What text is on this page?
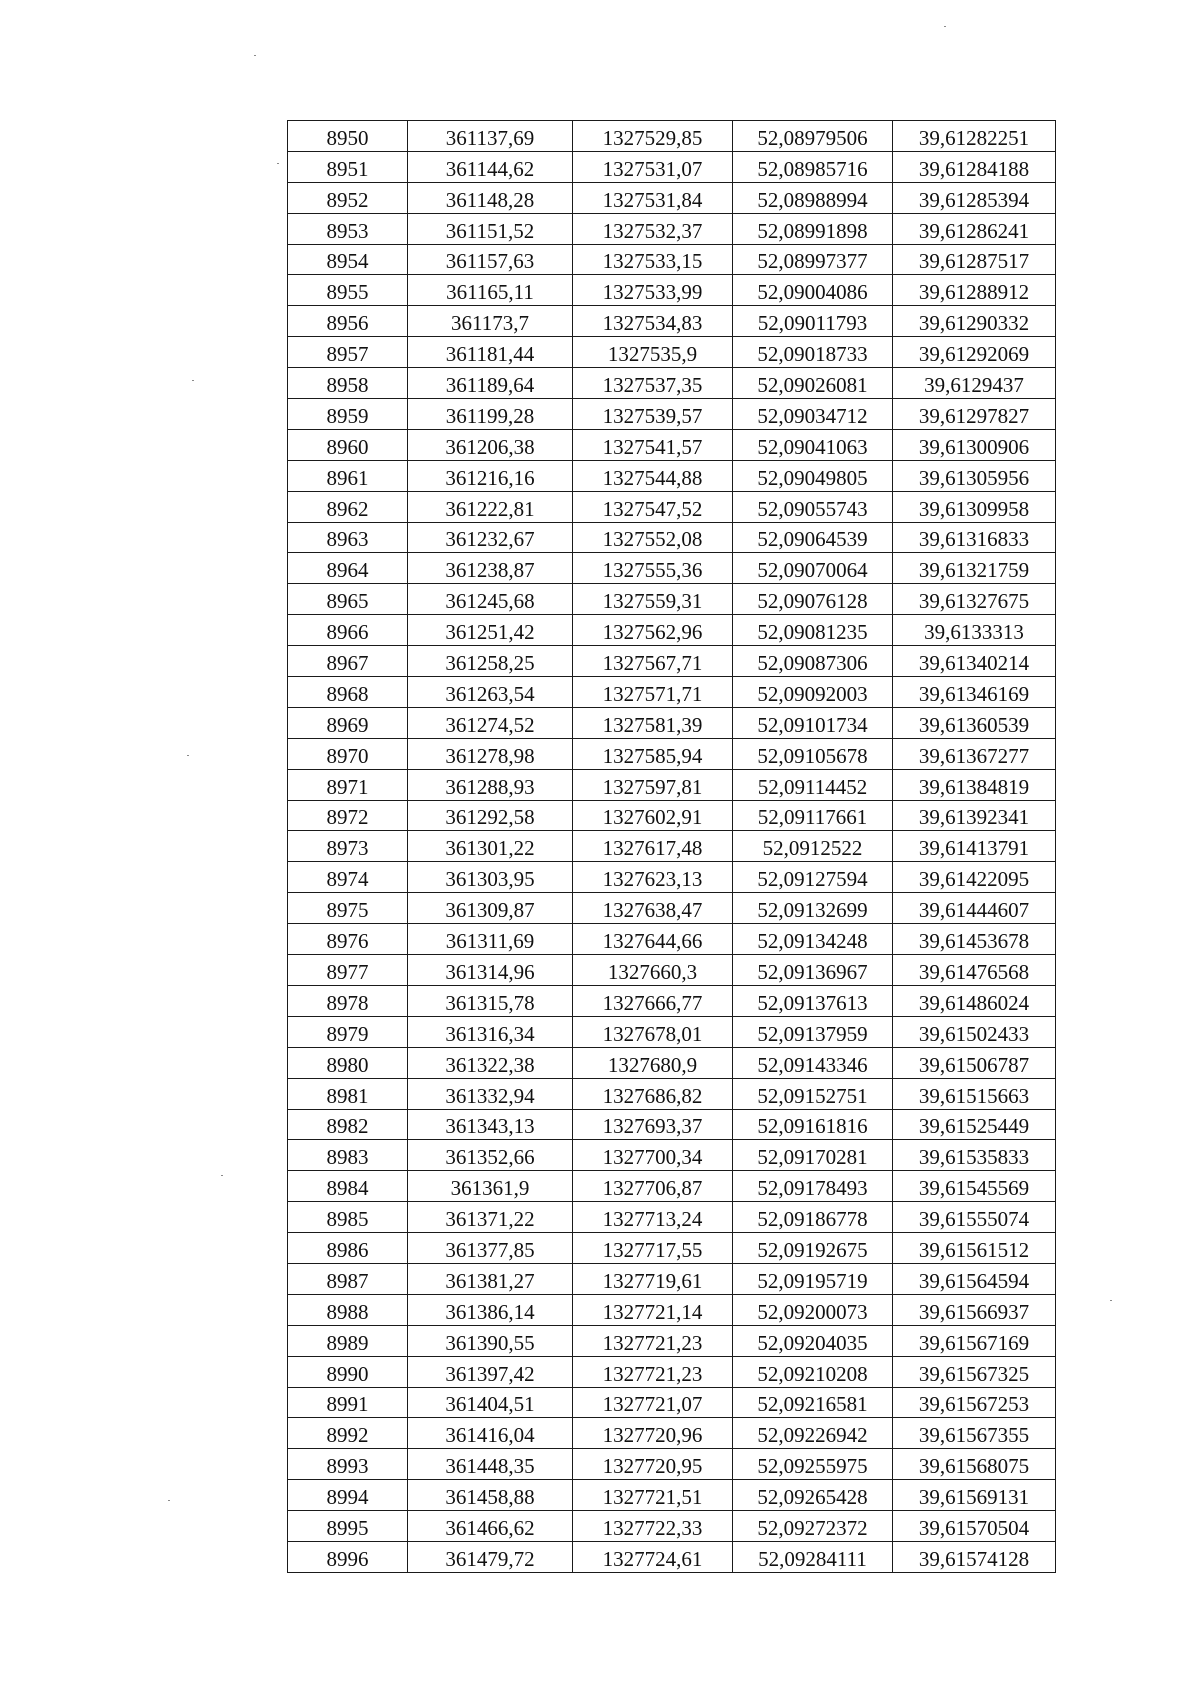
8950	361137,69	1327529,85	52,08979506	39,61282251
8951	361144,62	1327531,07	52,08985716	39,61284188
8952	361148,28	1327531,84	52,08988994	39,61285394
8953	361151,52	1327532,37	52,08991898	39,61286241
8954	361157,63	1327533,15	52,08997377	39,61287517
8955	361165,11	1327533,99	52,09004086	39,61288912
8956	361173,7	1327534,83	52,09011793	39,61290332
8957	361181,44	1327535,9	52,09018733	39,61292069
8958	361189,64	1327537,35	52,09026081	39,6129437
8959	361199,28	1327539,57	52,09034712	39,61297827
8960	361206,38	1327541,57	52,09041063	39,61300906
8961	361216,16	1327544,88	52,09049805	39,61305956
8962	361222,81	1327547,52	52,09055743	39,61309958
8963	361232,67	1327552,08	52,09064539	39,61316833
8964	361238,87	1327555,36	52,09070064	39,61321759
8965	361245,68	1327559,31	52,09076128	39,61327675
8966	361251,42	1327562,96	52,09081235	39,6133313
8967	361258,25	1327567,71	52,09087306	39,61340214
8968	361263,54	1327571,71	52,09092003	39,61346169
8969	361274,52	1327581,39	52,09101734	39,61360539
8970	361278,98	1327585,94	52,09105678	39,61367277
8971	361288,93	1327597,81	52,09114452	39,61384819
8972	361292,58	1327602,91	52,09117661	39,61392341
8973	361301,22	1327617,48	52,0912522	39,61413791
8974	361303,95	1327623,13	52,09127594	39,61422095
8975	361309,87	1327638,47	52,09132699	39,61444607
8976	361311,69	1327644,66	52,09134248	39,61453678
8977	361314,96	1327660,3	52,09136967	39,61476568
8978	361315,78	1327666,77	52,09137613	39,61486024
8979	361316,34	1327678,01	52,09137959	39,61502433
8980	361322,38	1327680,9	52,09143346	39,61506787
8981	361332,94	1327686,82	52,09152751	39,61515663
8982	361343,13	1327693,37	52,09161816	39,61525449
8983	361352,66	1327700,34	52,09170281	39,61535833
8984	361361,9	1327706,87	52,09178493	39,61545569
8985	361371,22	1327713,24	52,09186778	39,61555074
8986	361377,85	1327717,55	52,09192675	39,61561512
8987	361381,27	1327719,61	52,09195719	39,61564594
8988	361386,14	1327721,14	52,09200073	39,61566937
8989	361390,55	1327721,23	52,09204035	39,61567169
8990	361397,42	1327721,23	52,09210208	39,61567325
8991	361404,51	1327721,07	52,09216581	39,61567253
8992	361416,04	1327720,96	52,09226942	39,61567355
8993	361448,35	1327720,95	52,09255975	39,61568075
8994	361458,88	1327721,51	52,09265428	39,61569131
8995	361466,62	1327722,33	52,09272372	39,61570504
8996	361479,72	1327724,61	52,09284111	39,61574128
